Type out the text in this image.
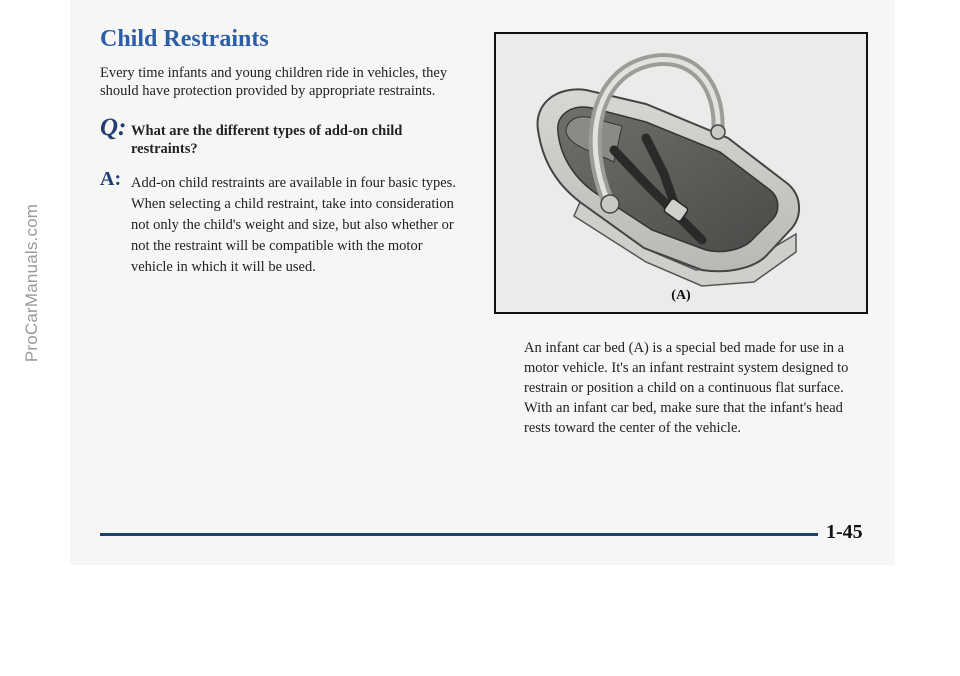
ProCarManuals.com
Child Restraints

Every time infants and young children ride in vehicles, they should have protection provided by appropriate restraints.

Q: What are the different types of add-on child restraints?

A: Add-on child restraints are available in four basic types. When selecting a child restraint, take into consideration not only the child's weight and size, but also whether or not the restraint will be compatible with the motor vehicle in which it will be used.

(A)

An infant car bed (A) is a special bed made for use in a motor vehicle. It's an infant restraint system designed to restrain or position a child on a continuous flat surface. With an infant car bed, make sure that the infant's head rests toward the center of the vehicle.

1-45
